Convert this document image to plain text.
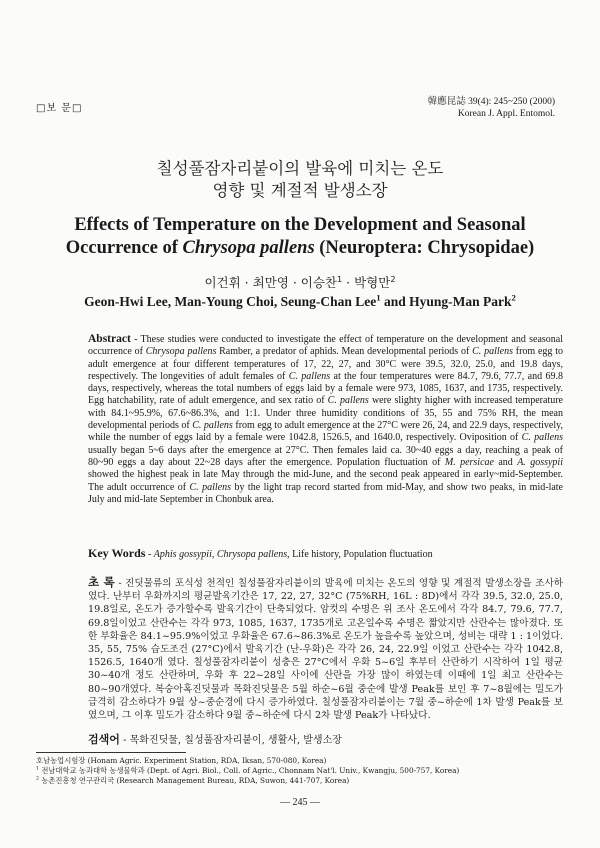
□보 문□
韓應昆誌 39(4): 245~250 (2000)
Korean J. Appl. Entomol.
칠성풀잠자리붙이의 발육에 미치는 온도
영향 및 계절적 발생소장
Effects of Temperature on the Development and Seasonal
Occurrence of Chrysopa pallens (Neuroptera: Chrysopidae)
이건휘 · 최만영 · 이승찬$^1$ · 박형만$^2$
Geon-Hwi Lee, Man-Young Choi, Seung-Chan Lee$^1$ and Hyung-Man Park$^2$
Abstract - These studies were conducted to investigate the effect of temperature on the development and seasonal occurrence of Chrysopa pallens Ramber, a predator of aphids. Mean developmental periods of C. pallens from egg to adult emergence at four different temperatures of 17, 22, 27, and 30°C were 39.5, 32.0, 25.0, and 19.8 days, respectively. The longevities of adult females of C. pallens at the four temperatures were 84.7, 79.6, 77.7, and 69.8 days, respectively, whereas the total numbers of eggs laid by a female were 973, 1085, 1637, and 1735, respectively. Egg hatchability, rate of adult emergence, and sex ratio of C. pallens were slighty higher with increased temperature with 84.1~95.9%, 67.6~86.3%, and 1:1. Under three humidity conditions of 35, 55 and 75% RH, the mean developmental periods of C. pallens from egg to adult emergence at the 27°C were 26, 24, and 22.9 days, respectively, while the number of eggs laid by a female were 1042.8, 1526.5, and 1640.0, respectively. Oviposition of C. pallens usually began 5~6 days after the emergence at 27°C. Then females laid ca. 30~40 eggs a day, reaching a peak of 80~90 eggs a day about 22~28 days after the emergence. Population fluctuation of M. persicae and A. gossypii showed the highest peak in late May through the mid-June, and the second peak appeared in early~mid-September. The adult occurrence of C. pallens by the light trap record started from mid-May, and show two peaks, in mid-late July and mid-late September in Chonbuk area.
Key Words - Aphis gossypii, Chrysopa pallens, Life history, Population fluctuation
초 록 - 진딧물류의 포식성 천적인 칠성풀잠자리붙이의 발육에 미치는 온도의 영향 및 계절적 발생소장을 조사하였다. 난부터 우화까지의 평균발육기간은 17, 22, 27, 32°C (75%RH, 16L : 8D)에서 각각 39.5, 32.0, 25.0, 19.8일로, 온도가 증가할수록 발육기간이 단축되었다. 암컷의 수명은 위 조사 온도에서 각각 84.7, 79.6, 77.7, 69.8일이었고 산란수는 각각 973, 1085, 1637, 1735개로 고온일수록 수명은 짧았지만 산란수는 많아졌다. 또한 부화율은 84.1~95.9%이었고 우화율은 67.6~86.3%로 온도가 높을수록 높았으며, 성비는 대략 1 : 1이었다. 35, 55, 75% 습도조건 (27°C)에서 발육기간 (난-우화)은 각각 26, 24, 22.9일 이었고 산란수는 각각 1042.8, 1526.5, 1640개 였다. 칠성풀잠자리붙이 성충은 27°C에서 우화 5~6일 후부터 산란하기 시작하여 1일 평균 30~40개 정도 산란하며, 우화 후 22~28일 사이에 산란을 가장 많이 하였는데 이때에 1일 최고 산란수는 80~90개였다. 복숭아혹진딧물과 목화진딧물은 5월 하순~6월 중순에 발생 Peak를 보인 후 7~8월에는 밀도가 급격히 감소하다가 9월 상~중순경에 다시 증가하였다. 칠성풀잠자리붙이는 7월 중~하순에 1차 발생 Peak를 보였으며, 그 이후 밀도가 감소하다 9월 중~하순에 다시 2차 발생 Peak가 나타났다.
검색어 - 목화진딧물, 칠성풀잠자리붙이, 생활사, 발생소장
호남농업시험장 (Honam Agric. Experiment Station, RDA, Iksan, 570-080, Korea)
$^1$ 전남대학교 농과대학 농생물학과 (Dept. of Agri. Biol., Coll. of Agric., Chonnam Nat'l. Univ., Kwangju, 500-757, Korea)
$^2$ 농촌진흥청 연구관리국 (Research Management Bureau, RDA, Suwon, 441-707, Korea)
— 245 —
